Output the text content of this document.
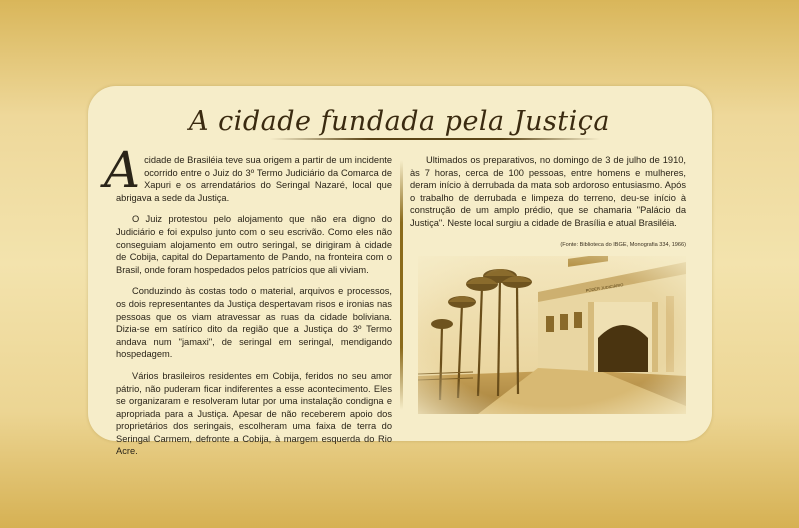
A cidade fundada pela Justiça

Acidade de Brasiléia teve sua origem a partir de um incidente ocorrido entre o Juiz do 3º Termo Judiciário da Comarca de Xapuri e os arrendatários do Seringal Nazaré, local que abrigava a sede da Justiça.

O Juiz protestou pelo alojamento que não era digno do Judiciário e foi expulso junto com o seu escrivão. Como eles não conseguiam alojamento em outro seringal, se dirigiram à cidade de Cobija, capital do Departamento de Pando, na fronteira com o Brasil, onde foram hospedados pelos patrícios que ali viviam.

Conduzindo às costas todo o material, arquivos e processos, os dois representantes da Justiça despertavam risos e ironias nas pessoas que os viam atravessar as ruas da cidade boliviana. Dizia-se em satírico dito da região que a Justiça do 3º Termo andava num "jamaxi", de seringal em seringal, mendigando hospedagem.

Vários brasileiros residentes em Cobija, feridos no seu amor pátrio, não puderam ficar indiferentes a esse acontecimento. Eles se organizaram e resolveram lutar por uma instalação condigna e apropriada para a Justiça. Apesar de não receberem apoio dos proprietários dos seringais, escolheram uma faixa de terra do Seringal Carmem, defronte a Cobija, à margem esquerda do Rio Acre.

Ultimados os preparativos, no domingo de 3 de julho de 1910, às 7 horas, cerca de 100 pessoas, entre homens e mulheres, deram início à derrubada da mata sob ardoroso entusiasmo. Após o trabalho de derrubada e limpeza do terreno, deu-se início à construção de um amplo prédio, que se chamaria "Palácio da Justiça". Neste local surgiu a cidade de Brasília e atual Brasiléia.

(Fonte: Biblioteca do IBGE, Monografia 334, 1966)
